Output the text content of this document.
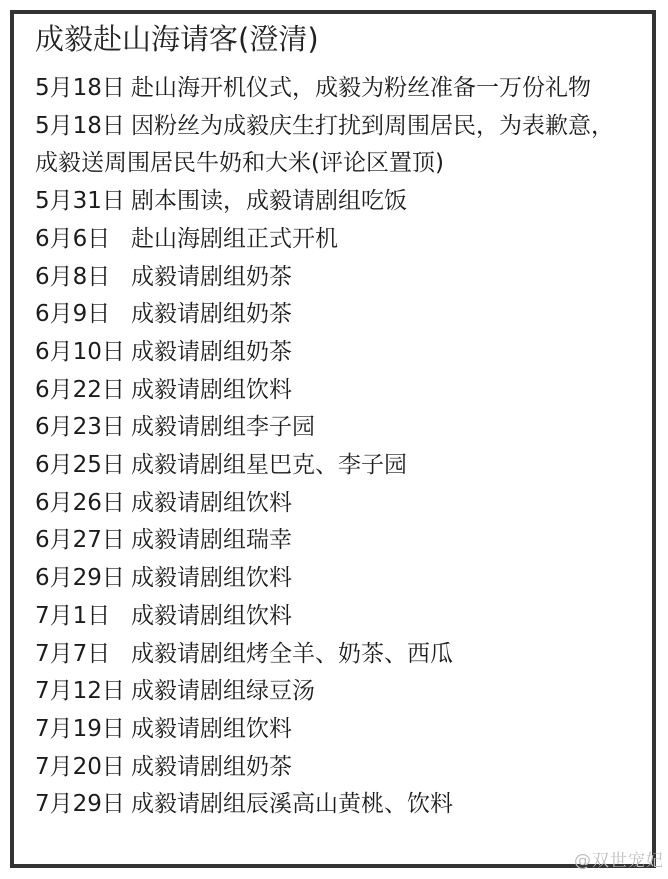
成毅赴山海请客(澄清)
5月18日 赴山海开机仪式，成毅为粉丝准备一万份礼物
5月18日 因粉丝为成毅庆生打扰到周围居民，为表歉意，成毅送周围居民牛奶和大米(评论区置顶)
5月31日 剧本围读，成毅请剧组吃饭
6月6日 赴山海剧组正式开机
6月8日 成毅请剧组奶茶
6月9日 成毅请剧组奶茶
6月10日 成毅请剧组奶茶
6月22日 成毅请剧组饮料
6月23日 成毅请剧组李子园
6月25日 成毅请剧组星巴克、李子园
6月26日 成毅请剧组饮料
6月27日 成毅请剧组瑞幸
6月29日 成毅请剧组饮料
7月1日 成毅请剧组饮料
7月7日 成毅请剧组烤全羊、奶茶、西瓜
7月12日 成毅请剧组绿豆汤
7月19日 成毅请剧组饮料
7月20日 成毅请剧组奶茶
7月29日 成毅请剧组辰溪高山黄桃、饮料
@双世宠妃
